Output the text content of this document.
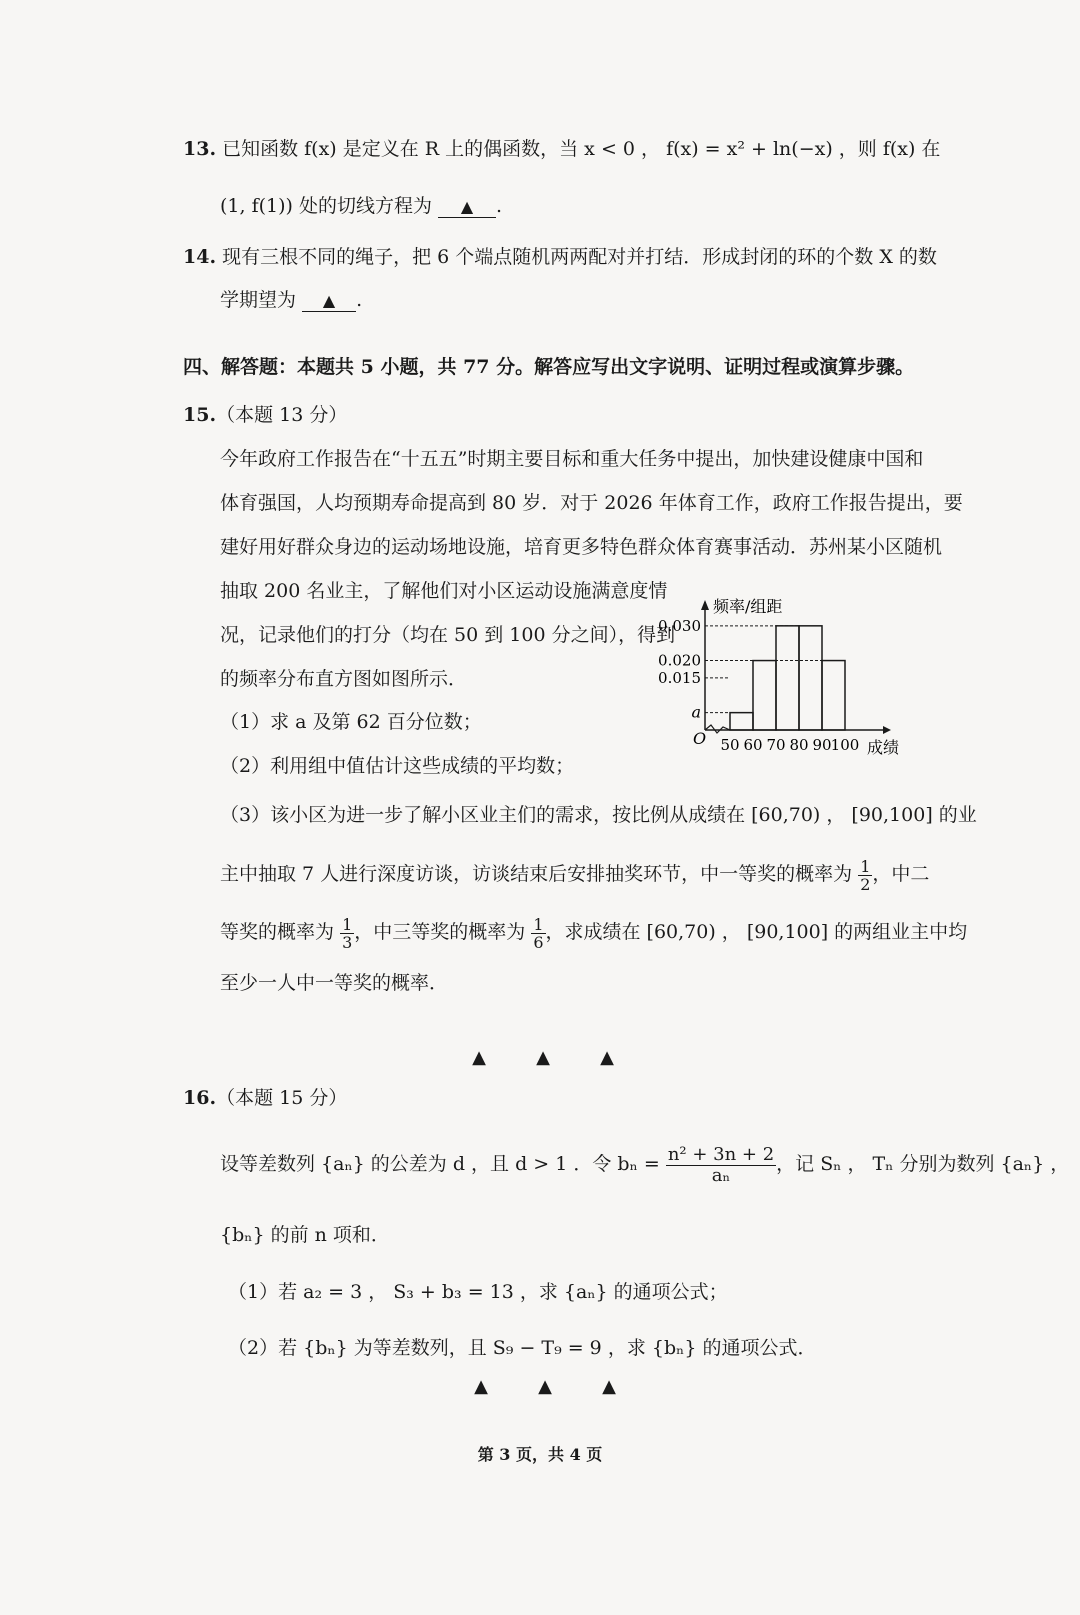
13. 已知函数 f(x) 是定义在 R 上的偶函数，当 x < 0 ， f(x) = x² + ln(−x) ，则 f(x) 在
(1, f(1)) 处的切线方程为 ▲ .
14. 现有三根不同的绳子，把 6 个端点随机两两配对并打结．形成封闭的环的个数 X 的数
学期望为 ▲ .
四、解答题：本题共 5 小题，共 77 分。解答应写出文字说明、证明过程或演算步骤。
15.（本题 13 分）
今年政府工作报告在“十五五”时期主要目标和重大任务中提出，加快建设健康中国和
体育强国，人均预期寿命提高到 80 岁．对于 2026 年体育工作，政府工作报告提出，要
建好用好群众身边的运动场地设施，培育更多特色群众体育赛事活动．苏州某小区随机
抽取 200 名业主，了解他们对小区运动设施满意度情
况，记录他们的打分（均在 50 到 100 分之间），得到
的频率分布直方图如图所示．
（1）求 a 及第 62 百分位数；
（2）利用组中值估计这些成绩的平均数；
（3）该小区为进一步了解小区业主们的需求，按比例从成绩在 [60,70) ， [90,100] 的业
主中抽取 7 人进行深度访谈，访谈结束后安排抽奖环节，中一等奖的概率为 $\frac{1}{2}$ ，中二
等奖的概率为 $\frac{1}{3}$ ，中三等奖的概率为 $\frac{1}{6}$ ，求成绩在 [60,70) ， [90,100] 的两组业主中均
至少一人中一等奖的概率．
▲	▲	▲
a
0.015
0.020
0.030
50 60 70 80 90 100
O
频率/组距
成绩
16.（本题 15 分）
设等差数列 {aₙ} 的公差为 d ，且 d > 1 ．令 $b_n = \frac{\text{n² + 3n + 2}}{\text{aₙ}}$ ，记 Sₙ ， Tₙ 分别为数列 {aₙ} ，
{bₙ} 的前 n 项和．
（1）若 a₂ = 3 ， S₃ + b₃ = 13 ，求 {aₙ} 的通项公式；
（2）若 {bₙ} 为等差数列，且 S₉ − T₉ = 9 ，求 {bₙ} 的通项公式．
▲	▲	▲
第 3 页，共 4 页
